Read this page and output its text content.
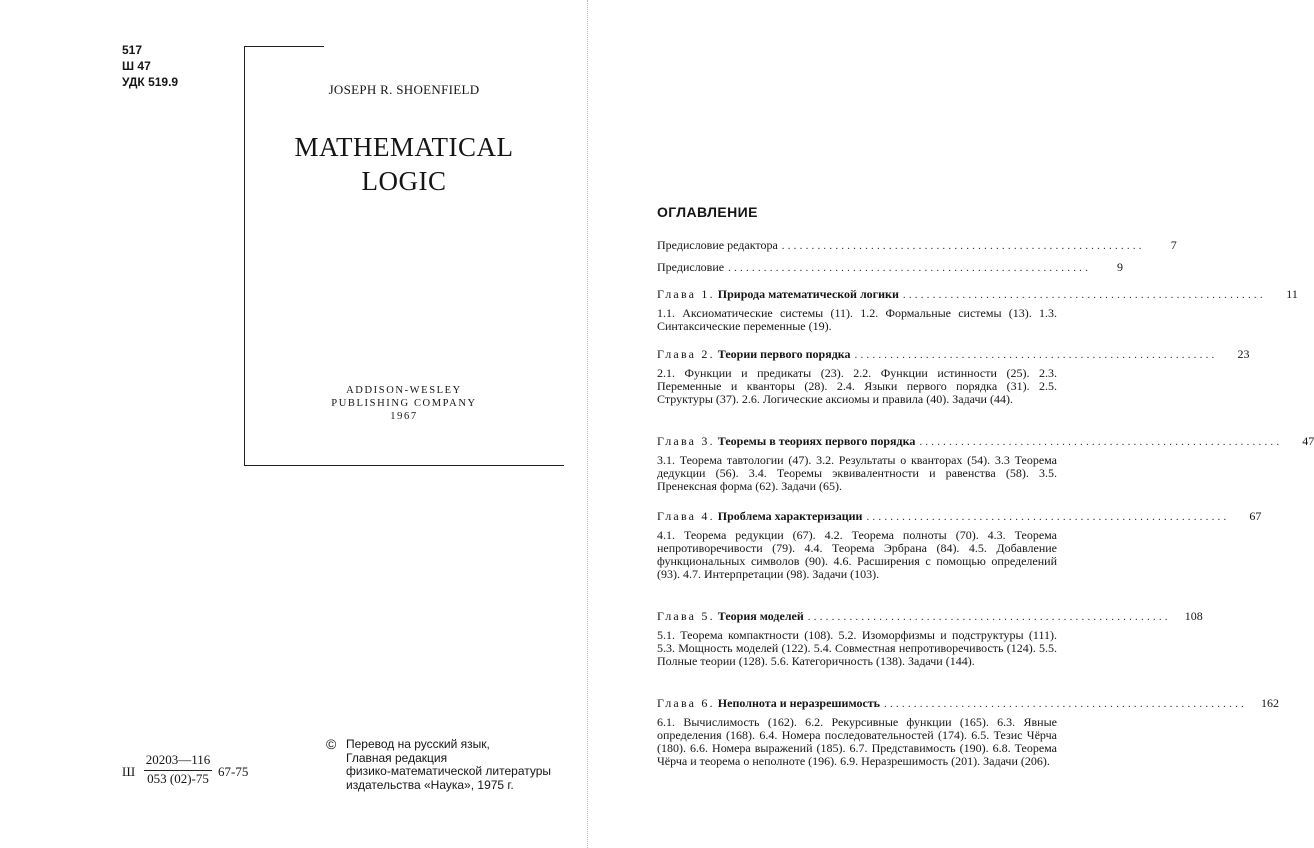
517
Ш 47
УДК 519.9	JOSEPH R. SHOENFIELD
MATHEMATICAL
LOGIC
ADDISON-WESLEY
PUBLISHING COMPANY
1967
Ш
20203—116
053 (02)-75 67-75
© Перевод на русский язык,
Главная редакция
физико-математической литературы
издательства «Наука», 1975 г.
ОГЛАВЛЕНИЕ
Предисловие редактора .............................................................	7
Предисловие .............................................................	9
Глава 1. Природа математической логики .............................................................	11
1.1. Аксиоматические системы (11). 1.2. Формальные системы (13). 1.3. Синтаксические переменные (19).
Глава 2. Теории первого порядка .............................................................	23
2.1. Функции и предикаты (23). 2.2. Функции истинности (25). 2.3. Переменные и кванторы (28). 2.4. Языки первого порядка (31). 2.5. Структуры (37). 2.6. Логические аксиомы и правила (40). Задачи (44).
Глава 3. Теоремы в теориях первого порядка .............................................................	47
3.1. Теорема тавтологии (47). 3.2. Результаты о кванторах (54). 3.3 Теорема дедукции (56). 3.4. Теоремы эквивалентности и равенства (58). 3.5. Пренексная форма (62). Задачи (65).
Глава 4. Проблема характеризации .............................................................	67
4.1. Теорема редукции (67). 4.2. Теорема полноты (70). 4.3. Теорема непротиворечивости (79). 4.4. Теорема Эрбрана (84). 4.5. Добавление функциональных символов (90). 4.6. Расширения с помощью определений (93). 4.7. Интерпретации (98). Задачи (103).
Глава 5. Теория моделей .............................................................	108
5.1. Теорема компактности (108). 5.2. Изоморфизмы и подструктуры (111). 5.3. Мощность моделей (122). 5.4. Совместная непротиворечивость (124). 5.5. Полные теории (128). 5.6. Категоричность (138). Задачи (144).
Глава 6. Неполнота и неразрешимость .............................................................	162
6.1. Вычислимость (162). 6.2. Рекурсивные функции (165). 6.3. Явные определения (168). 6.4. Номера последовательностей (174). 6.5. Тезис Чёрча (180). 6.6. Номера выражений (185). 6.7. Представимость (190). 6.8. Теорема Чёрча и теорема о неполноте (196). 6.9. Неразрешимость (201). Задачи (206).
